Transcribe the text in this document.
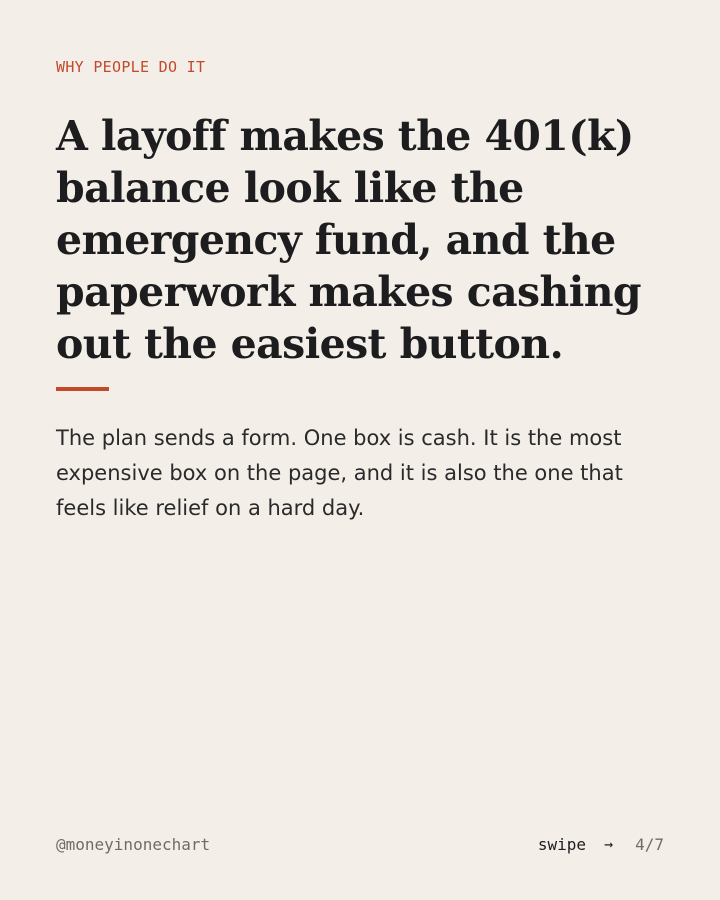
WHY PEOPLE DO IT

A layoff makes the 401(k) balance look like the emergency fund, and the paperwork makes cashing out the easiest button.

The plan sends a form. One box is cash. It is the most expensive box on the page, and it is also the one that feels like relief on a hard day.

@moneyinonechart	swipe → 4/7
